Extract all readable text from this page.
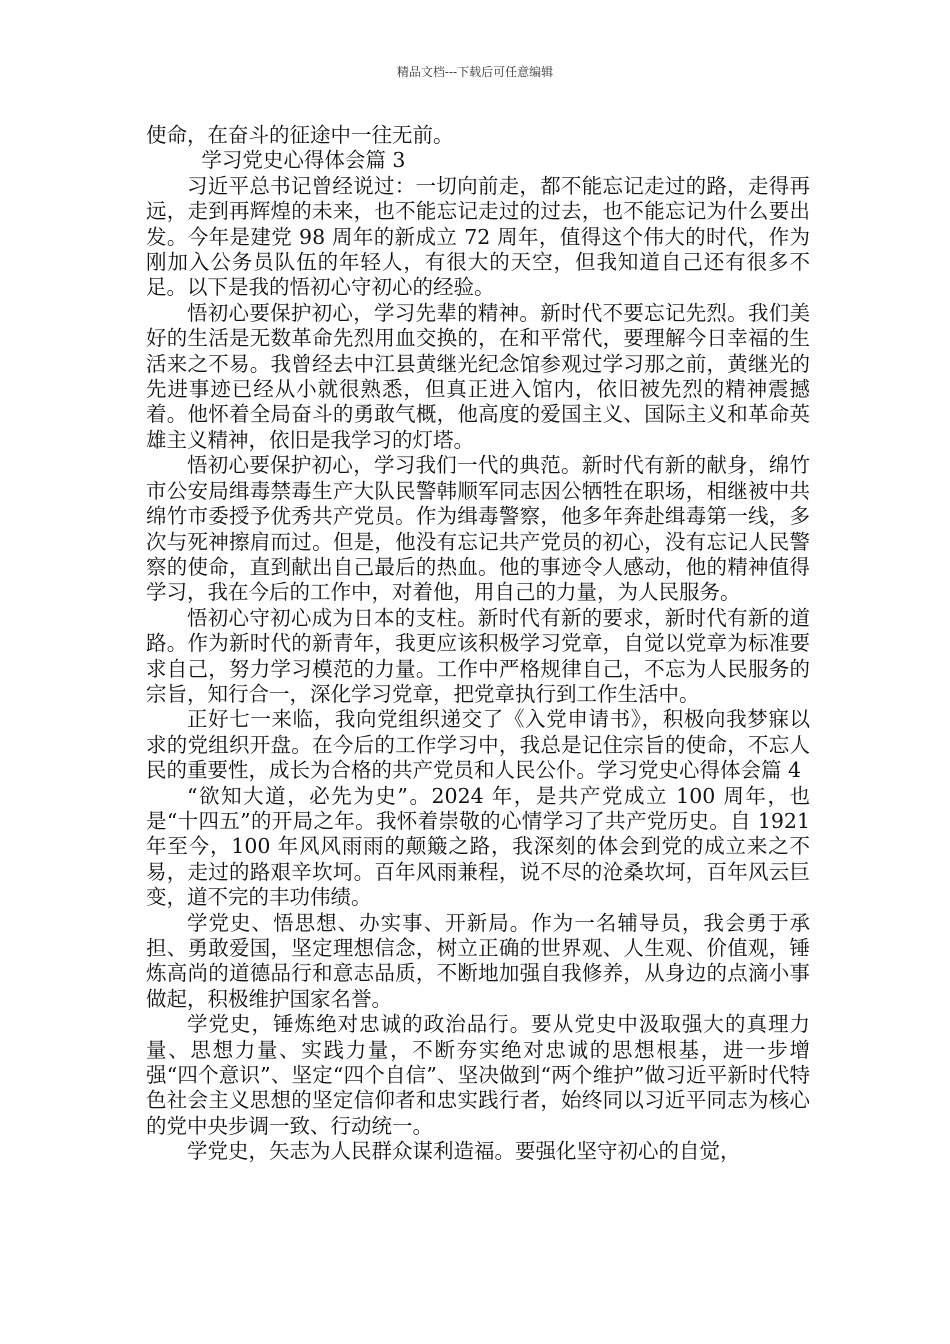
精品文档---下载后可任意编辑

使命，在奋斗的征途中一往无前。

学习党史心得体会篇 3

习近平总书记曾经说过：一切向前走，都不能忘记走过的路，走得再远，走到再辉煌的未来，也不能忘记走过的过去，也不能忘记为什么要出发。今年是建党 98 周年的新成立 72 周年，值得这个伟大的时代，作为刚加入公务员队伍的年轻人，有很大的天空，但我知道自己还有很多不足。以下是我的悟初心守初心的经验。

悟初心要保护初心，学习先辈的精神。新时代不要忘记先烈。我们美好的生活是无数革命先烈用血交换的，在和平常代，要理解今日幸福的生活来之不易。我曾经去中江县黄继光纪念馆参观过学习那之前，黄继光的先进事迹已经从小就很熟悉，但真正进入馆内，依旧被先烈的精神震撼着。他怀着全局奋斗的勇敢气概，他高度的爱国主义、国际主义和革命英雄主义精神，依旧是我学习的灯塔。

悟初心要保护初心，学习我们一代的典范。新时代有新的献身，绵竹市公安局缉毒禁毒生产大队民警韩顺军同志因公牺牲在职场，相继被中共绵竹市委授予优秀共产党员。作为缉毒警察，他多年奔赴缉毒第一线，多次与死神擦肩而过。但是，他没有忘记共产党员的初心，没有忘记人民警察的使命，直到献出自己最后的热血。他的事迹令人感动，他的精神值得学习，我在今后的工作中，对着他，用自己的力量，为人民服务。

悟初心守初心成为日本的支柱。新时代有新的要求，新时代有新的道路。作为新时代的新青年，我更应该积极学习党章，自觉以党章为标准要求自己，努力学习模范的力量。工作中严格规律自己，不忘为人民服务的宗旨，知行合一，深化学习党章，把党章执行到工作生活中。

正好七一来临，我向党组织递交了《入党申请书》，积极向我梦寐以求的党组织开盘。在今后的工作学习中，我总是记住宗旨的使命，不忘人民的重要性，成长为合格的共产党员和人民公仆。学习党史心得体会篇 4

“欲知大道，必先为史”。2024 年，是共产党成立 100 周年，也是“十四五”的开局之年。我怀着崇敬的心情学习了共产党历史。自 1921 年至今，100 年风风雨雨的颠簸之路，我深刻的体会到党的成立来之不易，走过的路艰辛坎坷。百年风雨兼程，说不尽的沧桑坎坷，百年风云巨变，道不完的丰功伟绩。

学党史、悟思想、办实事、开新局。作为一名辅导员，我会勇于承担、勇敢爱国，坚定理想信念，树立正确的世界观、人生观、价值观，锤炼高尚的道德品行和意志品质，不断地加强自我修养，从身边的点滴小事做起，积极维护国家名誉。

学党史，锤炼绝对忠诚的政治品行。要从党史中汲取强大的真理力量、思想力量、实践力量，不断夯实绝对忠诚的思想根基，进一步增强“四个意识”、坚定“四个自信”、坚决做到“两个维护”做习近平新时代特色社会主义思想的坚定信仰者和忠实践行者，始终同以习近平同志为核心的党中央步调一致、行动统一。

学党史，矢志为人民群众谋利造福。要强化坚守初心的自觉，
